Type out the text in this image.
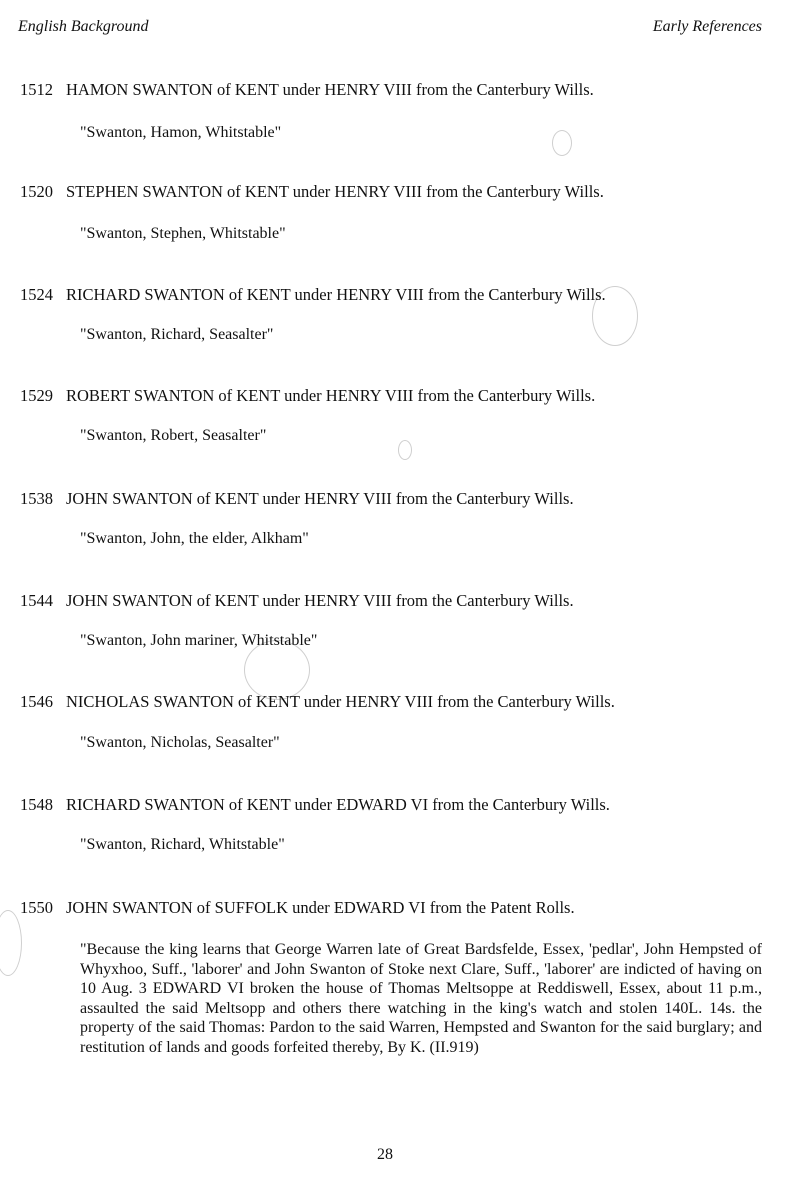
English Background	Early References
1512 HAMON SWANTON of KENT under HENRY VIII from the Canterbury Wills.
"Swanton, Hamon, Whitstable"
1520 STEPHEN SWANTON of KENT under HENRY VIII from the Canterbury Wills.
"Swanton, Stephen, Whitstable"
1524 RICHARD SWANTON of KENT under HENRY VIII from the Canterbury Wills.
"Swanton, Richard, Seasalter"
1529 ROBERT SWANTON of KENT under HENRY VIII from the Canterbury Wills.
"Swanton, Robert, Seasalter"
1538 JOHN SWANTON of KENT under HENRY VIII from the Canterbury Wills.
"Swanton, John, the elder, Alkham"
1544 JOHN SWANTON of KENT under HENRY VIII from the Canterbury Wills.
"Swanton, John mariner, Whitstable"
1546 NICHOLAS SWANTON of KENT under HENRY VIII from the Canterbury Wills.
"Swanton, Nicholas, Seasalter"
1548 RICHARD SWANTON of KENT under EDWARD VI from the Canterbury Wills.
"Swanton, Richard, Whitstable"
1550 JOHN SWANTON of SUFFOLK under EDWARD VI from the Patent Rolls.
"Because the king learns that George Warren late of Great Bardsfelde, Essex, 'pedlar', John Hempsted of Whyxhoo, Suff., 'laborer' and John Swanton of Stoke next Clare, Suff., 'laborer' are indicted of having on 10 Aug. 3 EDWARD VI broken the house of Thomas Meltsoppe at Reddiswell, Essex, about 11 p.m., assaulted the said Meltsopp and others there watching in the king's watch and stolen 140L. 14s. the property of the said Thomas: Pardon to the said Warren, Hempsted and Swanton for the said burglary; and restitution of lands and goods forfeited thereby, By K. (II.919)
28
